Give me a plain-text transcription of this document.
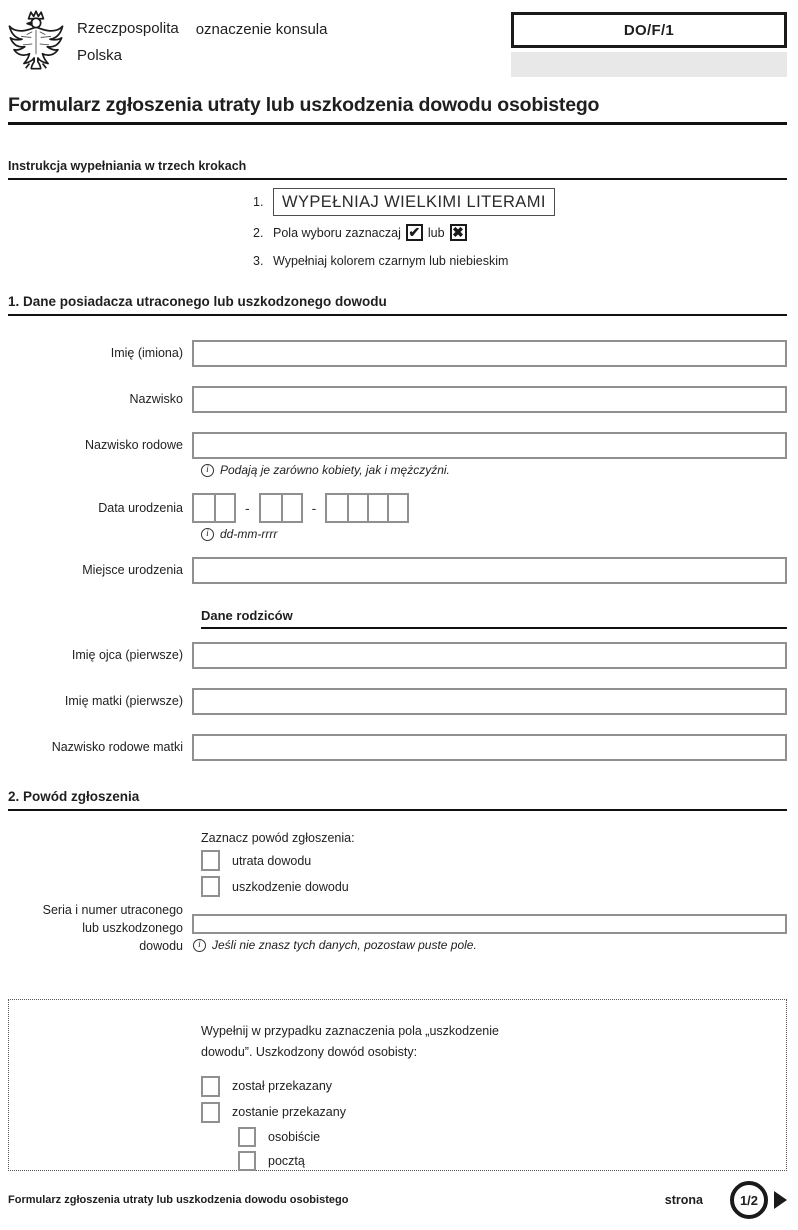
Rzeczpospolita
Polska
oznaczenie konsula	DO/F/1
Formularz zgłoszenia utraty lub uszkodzenia dowodu osobistego
Instrukcja wypełniania w trzech krokach
1.	WYPEŁNIAJ WIELKIMI LITERAMI
2. Pola wyboru zaznaczaj ✔ lub ✖
3. Wypełniaj kolorem czarnym lub niebieskim
1. Dane posiadacza utraconego lub uszkodzonego dowodu
Imię (imiona)
Nazwisko
Nazwisko rodowe
i Podają je zarówno kobiety, jak i mężczyźni.
Data urodzenia	-	-
i dd-mm-rrrr
Miejsce urodzenia
Dane rodziców
Imię ojca (pierwsze)
Imię matki (pierwsze)
Nazwisko rodowe matki
2. Powód zgłoszenia
Zaznacz powód zgłoszenia:
utrata dowodu
uszkodzenie dowodu
Seria i numer utraconego
lub uszkodzonego
dowodu	i Jeśli nie znasz tych danych, pozostaw puste pole.
Wypełnij w przypadku zaznaczenia pola „uszkodzenie
dowodu”. Uszkodzony dowód osobisty:
został przekazany
zostanie przekazany
osobiście
pocztą
Formularz zgłoszenia utraty lub uszkodzenia dowodu osobistego	strona	1/2
